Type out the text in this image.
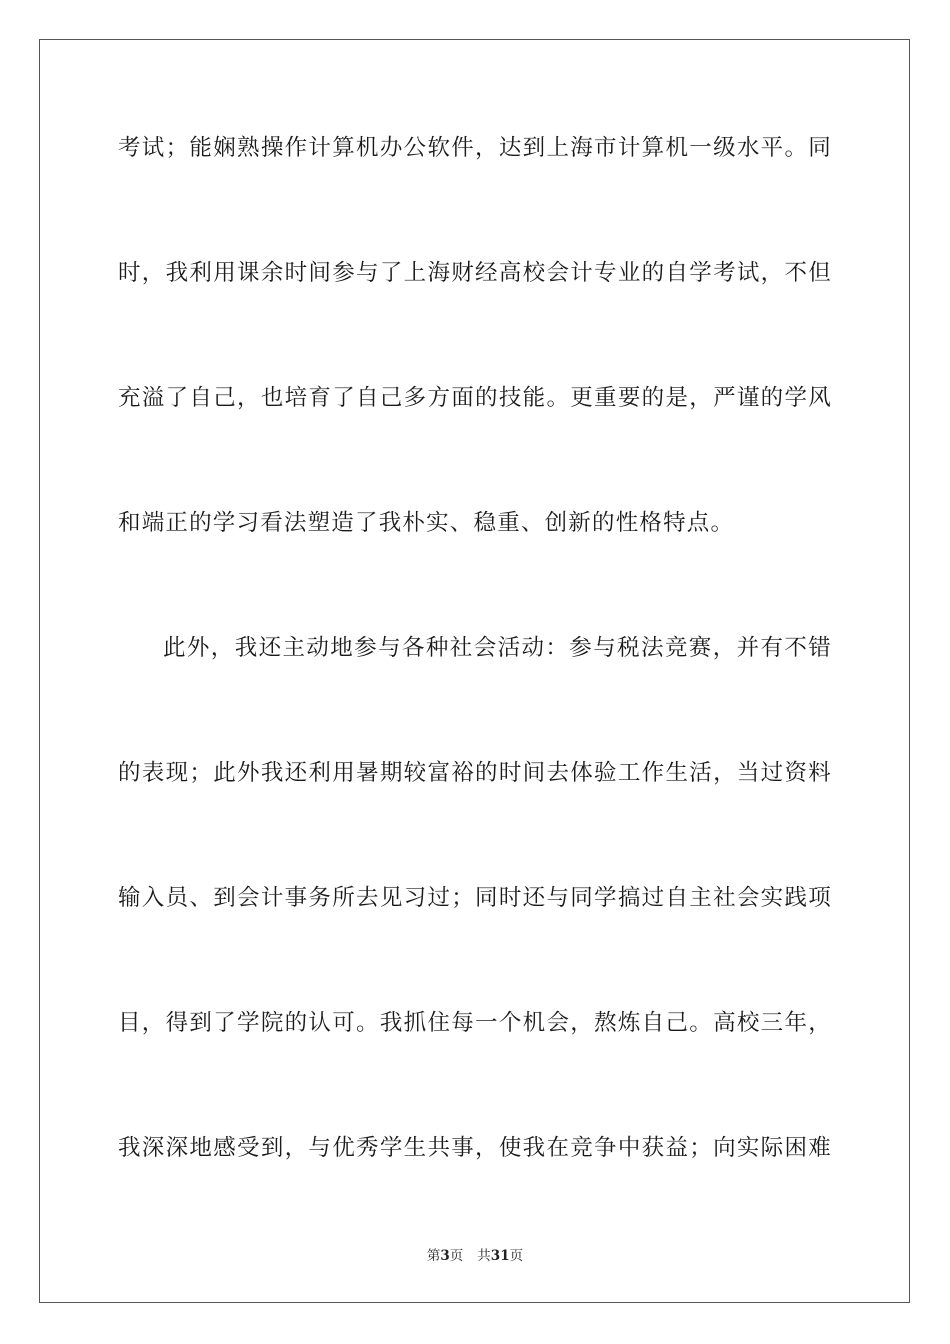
考试；能娴熟操作计算机办公软件，达到上海市计算机一级水平。同
时，我利用课余时间参与了上海财经高校会计专业的自学考试，不但
充溢了自己，也培育了自己多方面的技能。更重要的是，严谨的学风
和端正的学习看法塑造了我朴实、稳重、创新的性格特点。
此外，我还主动地参与各种社会活动：参与税法竞赛，并有不错
的表现；此外我还利用暑期较富裕的时间去体验工作生活，当过资料
输入员、到会计事务所去见习过；同时还与同学搞过自主社会实践项
目，得到了学院的认可。我抓住每一个机会，熬炼自己。高校三年，
我深深地感受到，与优秀学生共事，使我在竞争中获益；向实际困难
第3页 共31页
